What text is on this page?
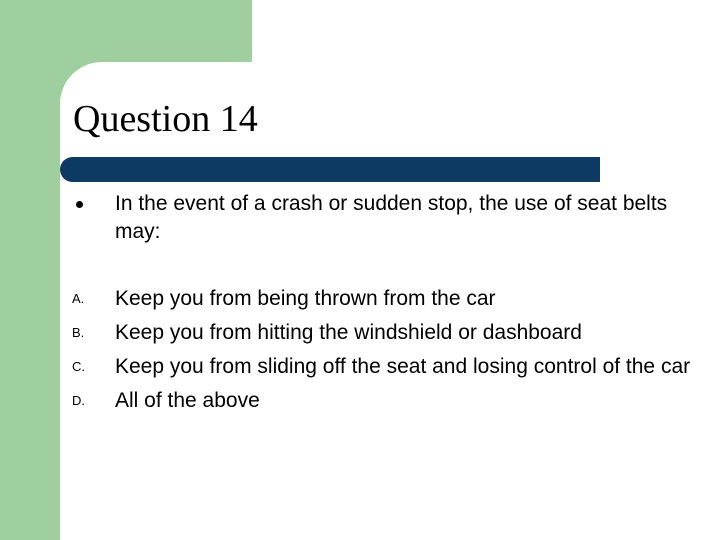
Question 14
In the event of a crash or sudden stop, the use of seat belts may:
A.	Keep you from being thrown from the car
B.	Keep you from hitting the windshield or dashboard
C.	Keep you from sliding off the seat and losing control of the car
D.	All of the above
